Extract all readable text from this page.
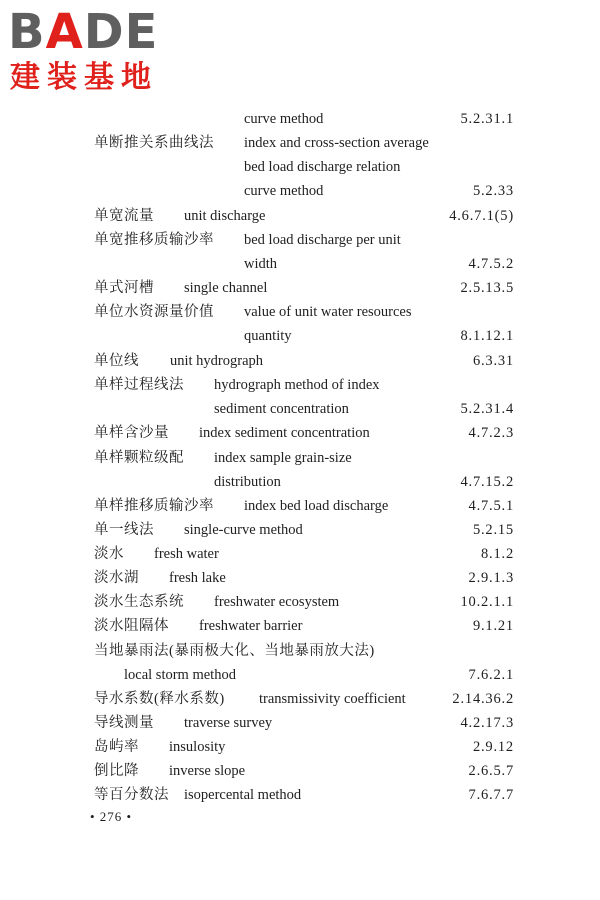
BADE
建装基地
curve method	5.2.31.1
单断推关系曲线法 index and cross-section average
bed load discharge relation
curve method	5.2.33
单宽流量 unit discharge	4.6.7.1(5)
单宽推移质输沙率 bed load discharge per unit
width	4.7.5.2
单式河槽 single channel	2.5.13.5
单位水资源量价值 value of unit water resources
quantity	8.1.12.1
单位线 unit hydrograph	6.3.31
单样过程线法 hydrograph method of index
sediment concentration	5.2.31.4
单样含沙量 index sediment concentration	4.7.2.3
单样颗粒级配 index sample grain-size
distribution	4.7.15.2
单样推移质输沙率 index bed load discharge	4.7.5.1
单一线法 single-curve method	5.2.15
淡水 fresh water	8.1.2
淡水湖 fresh lake	2.9.1.3
淡水生态系统 freshwater ecosystem	10.2.1.1
淡水阻隔体 freshwater barrier	9.1.21
当地暴雨法(暴雨极大化、当地暴雨放大法)
local storm method	7.6.2.1
导水系数(释水系数) transmissivity coefficient	2.14.36.2
导线测量 traverse survey	4.2.17.3
岛屿率 insulosity	2.9.12
倒比降 inverse slope	2.6.5.7
等百分数法 isopercental method	7.6.7.7
• 276 •
